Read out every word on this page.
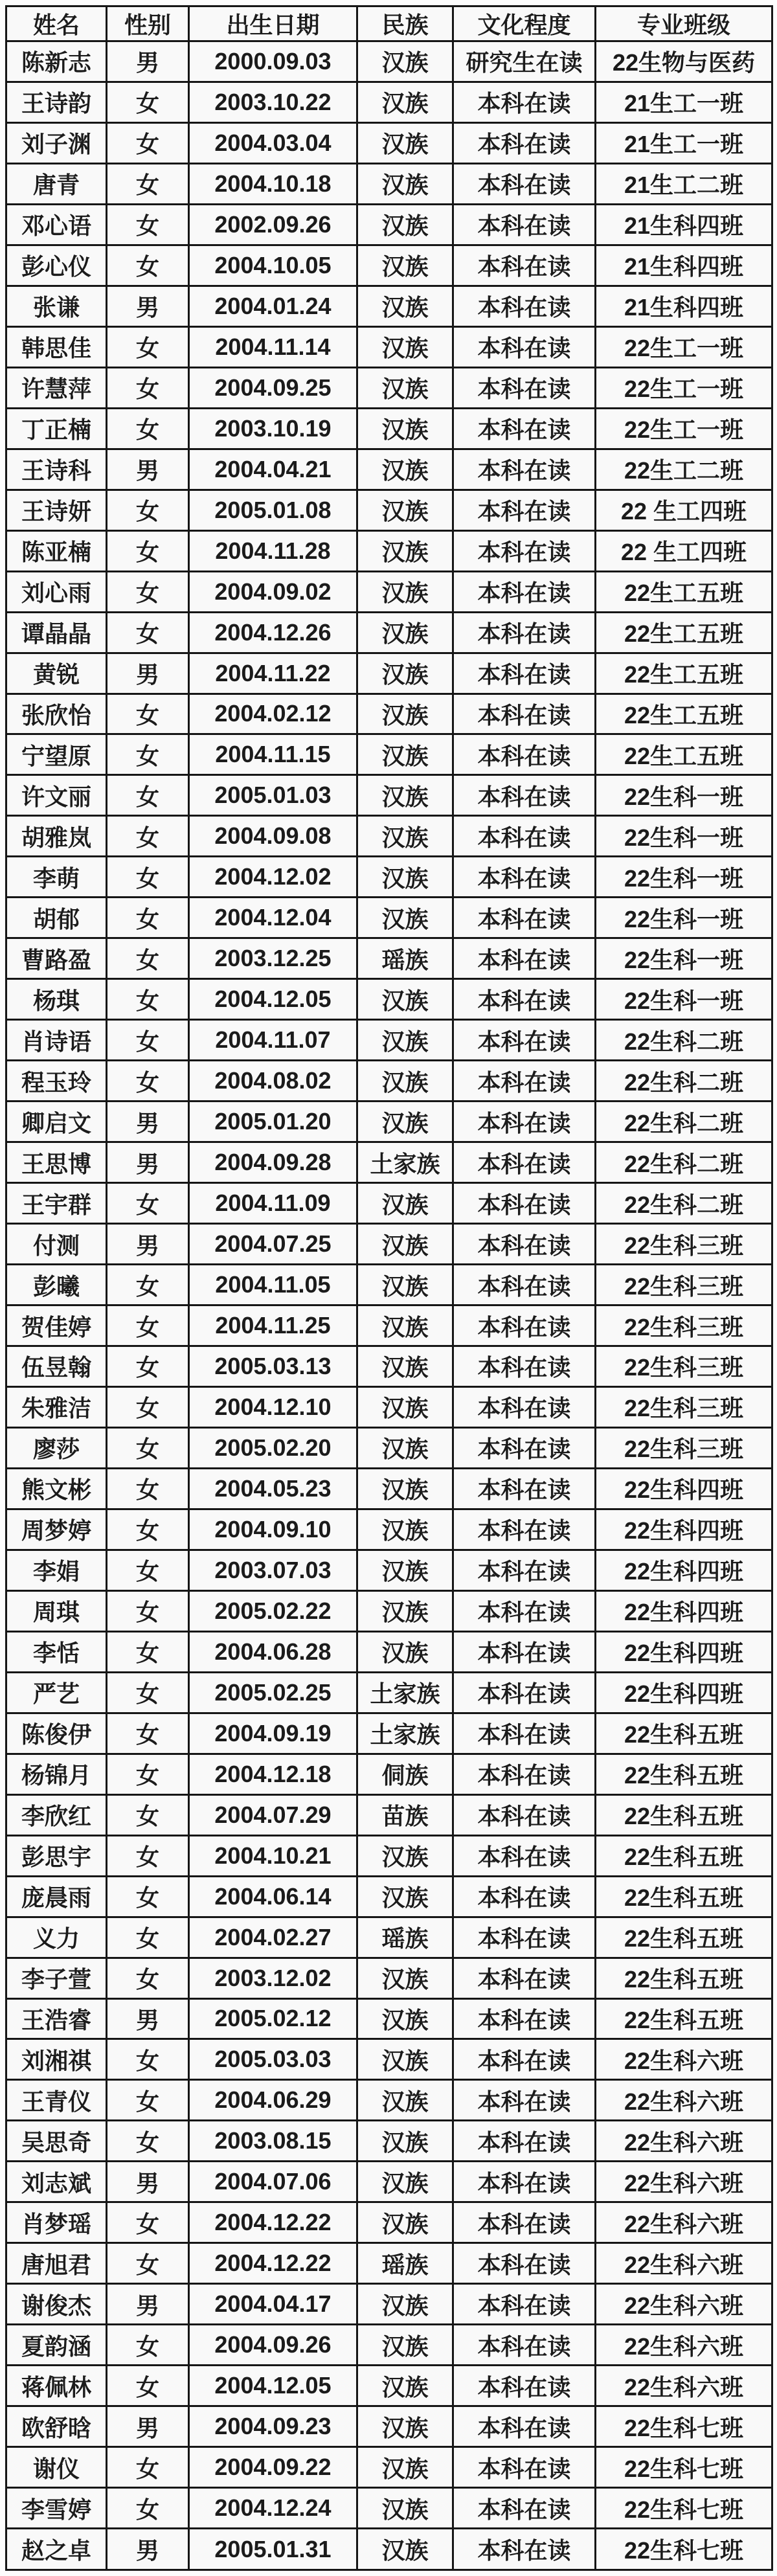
姓名	性别	出生日期	民族	文化程度	专业班级
陈新志	男	2000.09.03	汉族	研究生在读	22生物与医药
王诗韵	女	2003.10.22	汉族	本科在读	21生工一班
刘子渊	女	2004.03.04	汉族	本科在读	21生工一班
唐青	女	2004.10.18	汉族	本科在读	21生工二班
邓心语	女	2002.09.26	汉族	本科在读	21生科四班
彭心仪	女	2004.10.05	汉族	本科在读	21生科四班
张谦	男	2004.01.24	汉族	本科在读	21生科四班
韩思佳	女	2004.11.14	汉族	本科在读	22生工一班
许慧萍	女	2004.09.25	汉族	本科在读	22生工一班
丁正楠	女	2003.10.19	汉族	本科在读	22生工一班
王诗科	男	2004.04.21	汉族	本科在读	22生工二班
王诗妍	女	2005.01.08	汉族	本科在读	22 生工四班
陈亚楠	女	2004.11.28	汉族	本科在读	22 生工四班
刘心雨	女	2004.09.02	汉族	本科在读	22生工五班
谭晶晶	女	2004.12.26	汉族	本科在读	22生工五班
黄锐	男	2004.11.22	汉族	本科在读	22生工五班
张欣怡	女	2004.02.12	汉族	本科在读	22生工五班
宁望原	女	2004.11.15	汉族	本科在读	22生工五班
许文丽	女	2005.01.03	汉族	本科在读	22生科一班
胡雅岚	女	2004.09.08	汉族	本科在读	22生科一班
李萌	女	2004.12.02	汉族	本科在读	22生科一班
胡郁	女	2004.12.04	汉族	本科在读	22生科一班
曹路盈	女	2003.12.25	瑶族	本科在读	22生科一班
杨琪	女	2004.12.05	汉族	本科在读	22生科一班
肖诗语	女	2004.11.07	汉族	本科在读	22生科二班
程玉玲	女	2004.08.02	汉族	本科在读	22生科二班
卿启文	男	2005.01.20	汉族	本科在读	22生科二班
王思博	男	2004.09.28	土家族	本科在读	22生科二班
王宇群	女	2004.11.09	汉族	本科在读	22生科二班
付测	男	2004.07.25	汉族	本科在读	22生科三班
彭曦	女	2004.11.05	汉族	本科在读	22生科三班
贺佳婷	女	2004.11.25	汉族	本科在读	22生科三班
伍昱翰	女	2005.03.13	汉族	本科在读	22生科三班
朱雅洁	女	2004.12.10	汉族	本科在读	22生科三班
廖莎	女	2005.02.20	汉族	本科在读	22生科三班
熊文彬	女	2004.05.23	汉族	本科在读	22生科四班
周梦婷	女	2004.09.10	汉族	本科在读	22生科四班
李娟	女	2003.07.03	汉族	本科在读	22生科四班
周琪	女	2005.02.22	汉族	本科在读	22生科四班
李恬	女	2004.06.28	汉族	本科在读	22生科四班
严艺	女	2005.02.25	土家族	本科在读	22生科四班
陈俊伊	女	2004.09.19	土家族	本科在读	22生科五班
杨锦月	女	2004.12.18	侗族	本科在读	22生科五班
李欣红	女	2004.07.29	苗族	本科在读	22生科五班
彭思宇	女	2004.10.21	汉族	本科在读	22生科五班
庞晨雨	女	2004.06.14	汉族	本科在读	22生科五班
义力	女	2004.02.27	瑶族	本科在读	22生科五班
李子萱	女	2003.12.02	汉族	本科在读	22生科五班
王浩睿	男	2005.02.12	汉族	本科在读	22生科五班
刘湘祺	女	2005.03.03	汉族	本科在读	22生科六班
王青仪	女	2004.06.29	汉族	本科在读	22生科六班
吴思奇	女	2003.08.15	汉族	本科在读	22生科六班
刘志斌	男	2004.07.06	汉族	本科在读	22生科六班
肖梦瑶	女	2004.12.22	汉族	本科在读	22生科六班
唐旭君	女	2004.12.22	瑶族	本科在读	22生科六班
谢俊杰	男	2004.04.17	汉族	本科在读	22生科六班
夏韵涵	女	2004.09.26	汉族	本科在读	22生科六班
蒋佩林	女	2004.12.05	汉族	本科在读	22生科六班
欧舒晗	男	2004.09.23	汉族	本科在读	22生科七班
谢仪	女	2004.09.22	汉族	本科在读	22生科七班
李雪婷	女	2004.12.24	汉族	本科在读	22生科七班
赵之卓	男	2005.01.31	汉族	本科在读	22生科七班
